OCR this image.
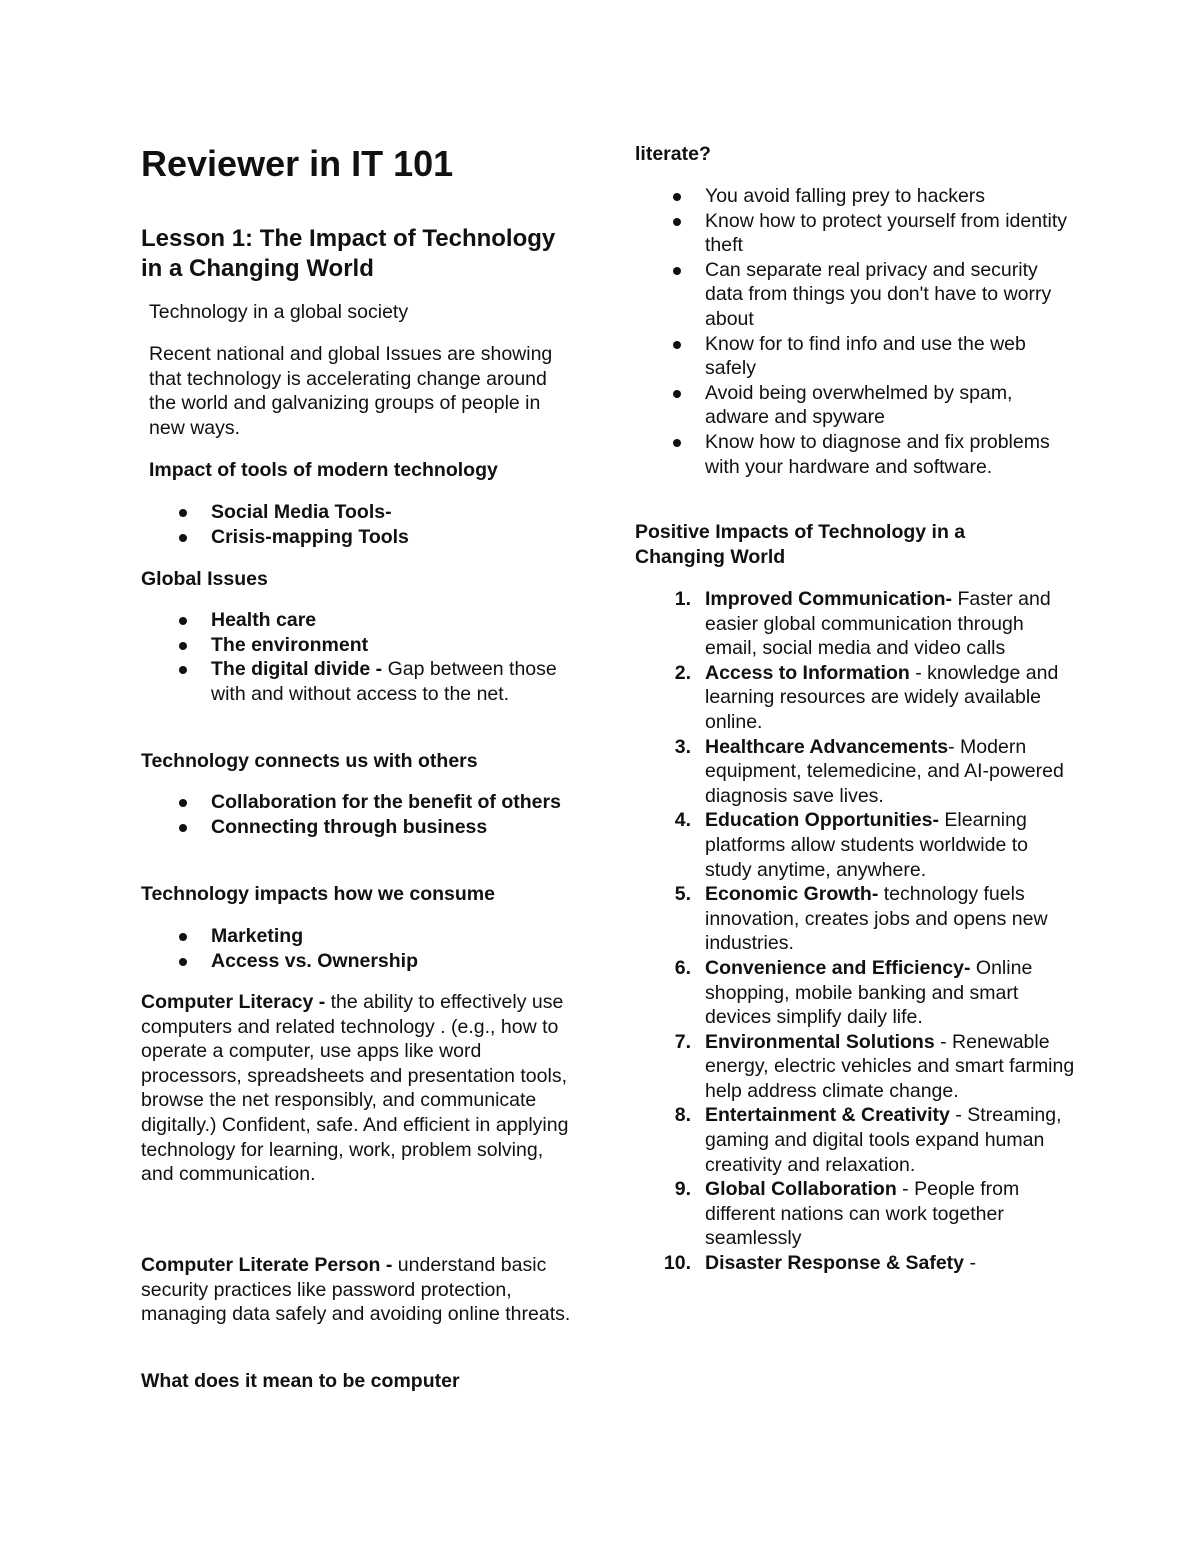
Reviewer in IT 101
Lesson 1: The Impact of Technology in a Changing World

Technology in a global society

Recent national and global Issues are showing that technology is accelerating change around the world and galvanizing groups of people in new ways.

Impact of tools of modern technology

Social Media Tools-
Crisis-mapping Tools

Global Issues

Health care
The environment
The digital divide - Gap between those with and without access to the net.

Technology connects us with others

Collaboration for the benefit of others
Connecting through business

Technology impacts how we consume

Marketing
Access vs. Ownership

Computer Literacy - the ability to effectively use computers and related technology . (e.g., how to operate a computer, use apps like word processors, spreadsheets and presentation tools, browse the net responsibly, and communicate digitally.) Confident, safe. And efficient in applying technology for learning, work, problem solving, and communication.

Computer Literate Person - understand basic security practices like password protection, managing data safely and avoiding online threats.

What does it mean to be computer

literate?

You avoid falling prey to hackers
Know how to protect yourself from identity theft
Can separate real privacy and security data from things you don't have to worry about
Know for to find info and use the web safely
Avoid being overwhelmed by spam, adware and spyware
Know how to diagnose and fix problems with your hardware and software.

Positive Impacts of Technology in a Changing World

1. Improved Communication- Faster and easier global communication through email, social media and video calls
2. Access to Information - knowledge and learning resources are widely available online.
3. Healthcare Advancements- Modern equipment, telemedicine, and AI-powered diagnosis save lives.
4. Education Opportunities- Elearning platforms allow students worldwide to study anytime, anywhere.
5. Economic Growth- technology fuels innovation, creates jobs and opens new industries.
6. Convenience and Efficiency- Online shopping, mobile banking and smart devices simplify daily life.
7. Environmental Solutions - Renewable energy, electric vehicles and smart farming help address climate change.
8. Entertainment & Creativity - Streaming, gaming and digital tools expand human creativity and relaxation.
9. Global Collaboration - People from different nations can work together seamlessly
10. Disaster Response & Safety -
